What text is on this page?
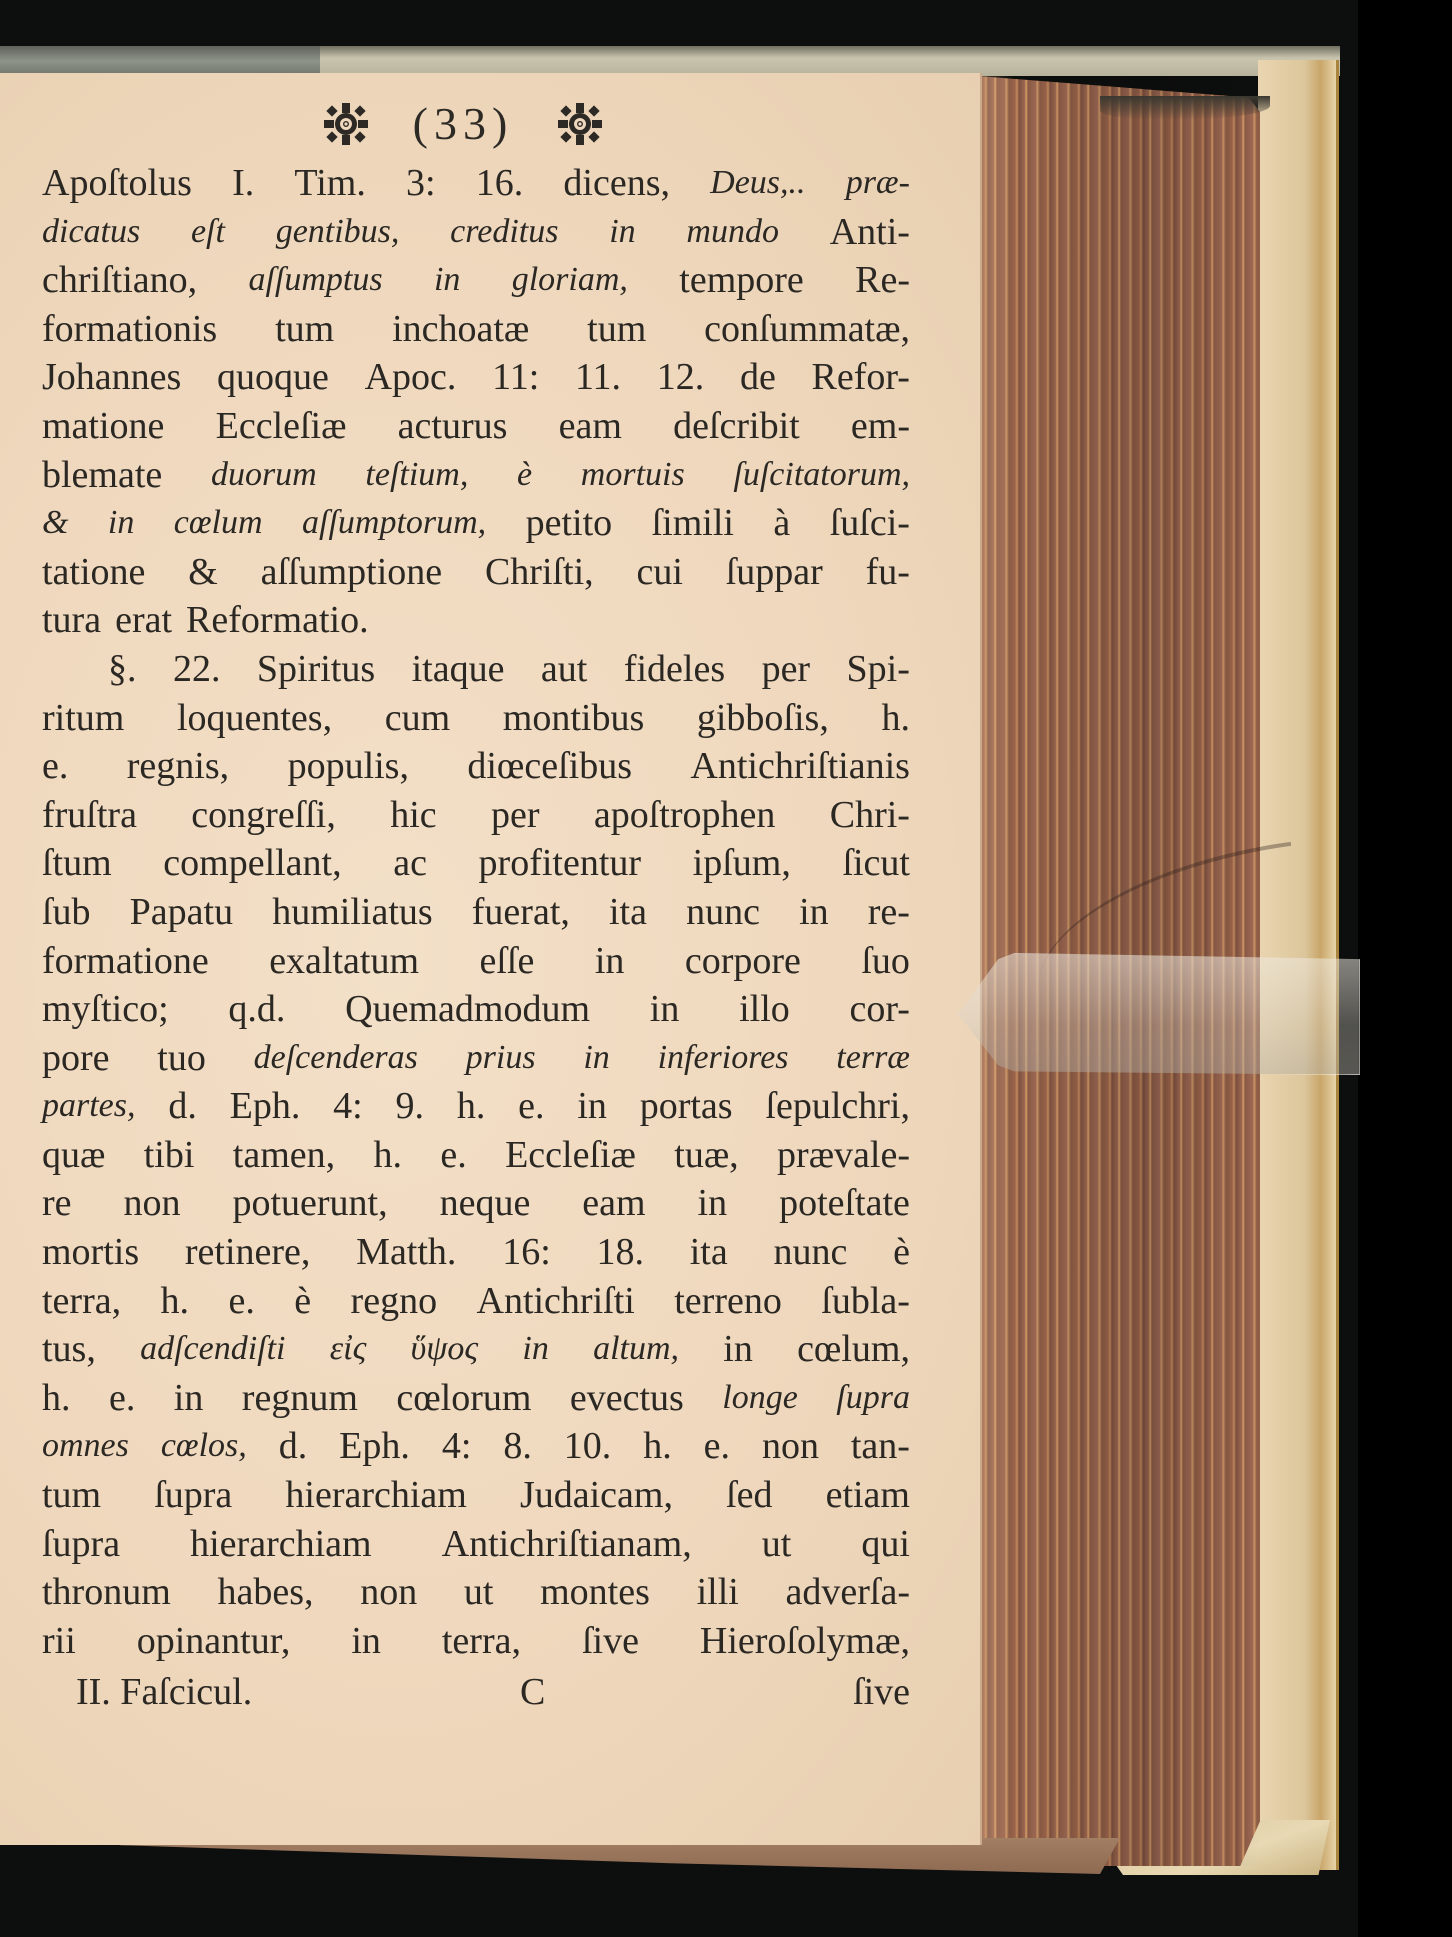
(33)
Apoſtolus I. Tim. 3: 16. dicens, Deus,.. præ-
dicatus eſt gentibus, creditus in mundo Anti-
chriſtiano, aſſumptus in gloriam, tempore Re-
formationis tum inchoatæ tum conſummatæ,
Johannes quoque Apoc. 11: 11. 12. de Refor-
matione Eccleſiæ acturus eam deſcribit em-
blemate duorum teſtium, è mortuis ſuſcitatorum,
& in cœlum aſſumptorum, petito ſimili à ſuſci-
tatione & aſſumptione Chriſti, cui ſuppar fu-
tura erat Reformatio.
§. 22. Spiritus itaque aut fideles per Spi-
ritum loquentes, cum montibus gibboſis, h.
e. regnis, populis, diœceſibus Antichriſtianis
fruſtra congreſſi, hic per apoſtrophen Chri-
ſtum compellant, ac profitentur ipſum, ſicut
ſub Papatu humiliatus fuerat, ita nunc in re-
formatione exaltatum eſſe in corpore ſuo
myſtico; q.d. Quemadmodum in illo cor-
pore tuo deſcenderas prius in inferiores terræ
partes, d. Eph. 4: 9. h. e. in portas ſepulchri,
quæ tibi tamen, h. e. Eccleſiæ tuæ, prævale-
re non potuerunt, neque eam in poteſtate
mortis retinere, Matth. 16: 18. ita nunc è
terra, h. e. è regno Antichriſti terreno ſubla-
tus, adſcendiſti εἰς ὕψος in altum, in cœlum,
h. e. in regnum cœlorum evectus longe ſupra
omnes cœlos, d. Eph. 4: 8. 10. h. e. non tan-
tum ſupra hierarchiam Judaicam, ſed etiam
ſupra hierarchiam Antichriſtianam, ut qui
thronum habes, non ut montes illi adverſa-
rii opinantur, in terra, ſive Hieroſolymæ,
II. Faſcicul.	C	ſive
